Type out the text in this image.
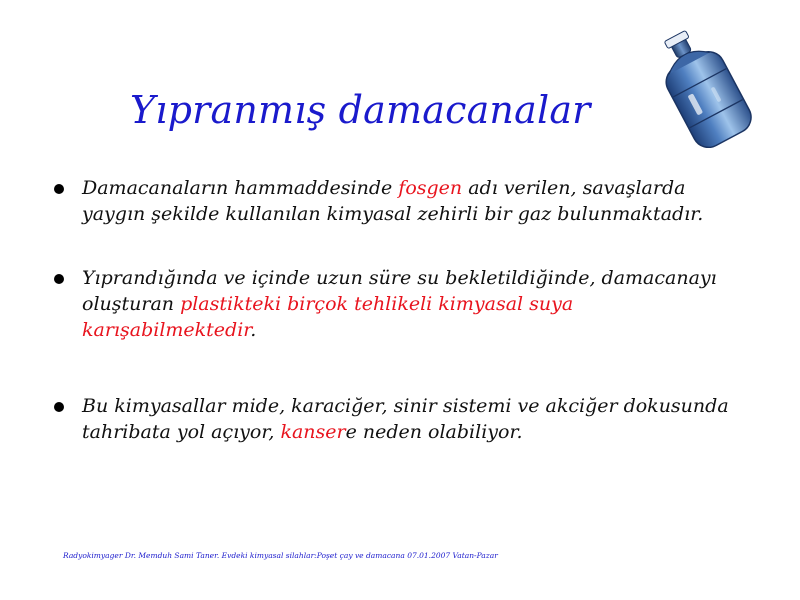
Yıpranmış damacanalar
Damacanaların hammaddesinde fosgen adı verilen, savaşlarda yaygın şekilde kullanılan kimyasal zehirli bir gaz bulunmaktadır.
Yıprandığında ve içinde uzun süre su bekletildiğinde, damacanayı oluşturan plastikteki birçok tehlikeli kimyasal suya karışabilmektedir.
Bu kimyasallar mide, karaciğer, sinir sistemi ve akciğer dokusunda tahribata yol açıyor, kansere neden olabiliyor.
Radyokimyager Dr. Memduh Sami Taner. Evdeki kimyasal silahlar:Poşet çay ve damacana 07.01.2007 Vatan-Pazar
